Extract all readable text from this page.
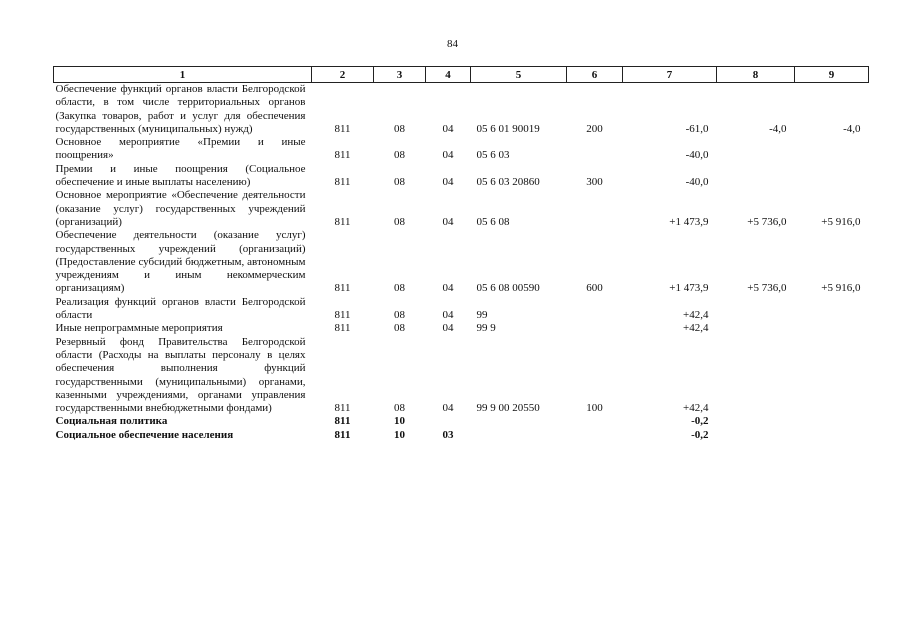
84
1	2	3	4	5	6	7	8	9
Обеспечение функций органов власти Белгородской области, в том числе территориальных органов (Закупка товаров, работ и услуг для обеспечения государственных (муниципальных) нужд)	811	08	04	05 6 01 90019	200	-61,0	-4,0	-4,0
Основное мероприятие «Премии и иные поощрения»	811	08	04	05 6 03		-40,0		
Премии и иные поощрения (Социальное обеспечение и иные выплаты населению)	811	08	04	05 6 03 20860	300	-40,0		
Основное мероприятие «Обеспечение деятельности (оказание услуг) государственных учреждений (организаций)	811	08	04	05 6 08		+1 473,9	+5 736,0	+5 916,0
Обеспечение деятельности (оказание услуг) государственных учреждений (организаций) (Предоставление субсидий бюджетным, автономным учреждениям и иным некоммерческим организациям)	811	08	04	05 6 08 00590	600	+1 473,9	+5 736,0	+5 916,0
Реализация функций органов власти Белгородской области	811	08	04	99		+42,4		
Иные непрограммные мероприятия	811	08	04	99 9		+42,4		
Резервный фонд Правительства Белгородской области (Расходы на выплаты персоналу в целях обеспечения выполнения функций государственными (муниципальными) органами, казенными учреждениями, органами управления государственными внебюджетными фондами)	811	08	04	99 9 00 20550	100	+42,4		
Социальная политика	811	10				-0,2		
Социальное обеспечение населения	811	10	03			-0,2		
